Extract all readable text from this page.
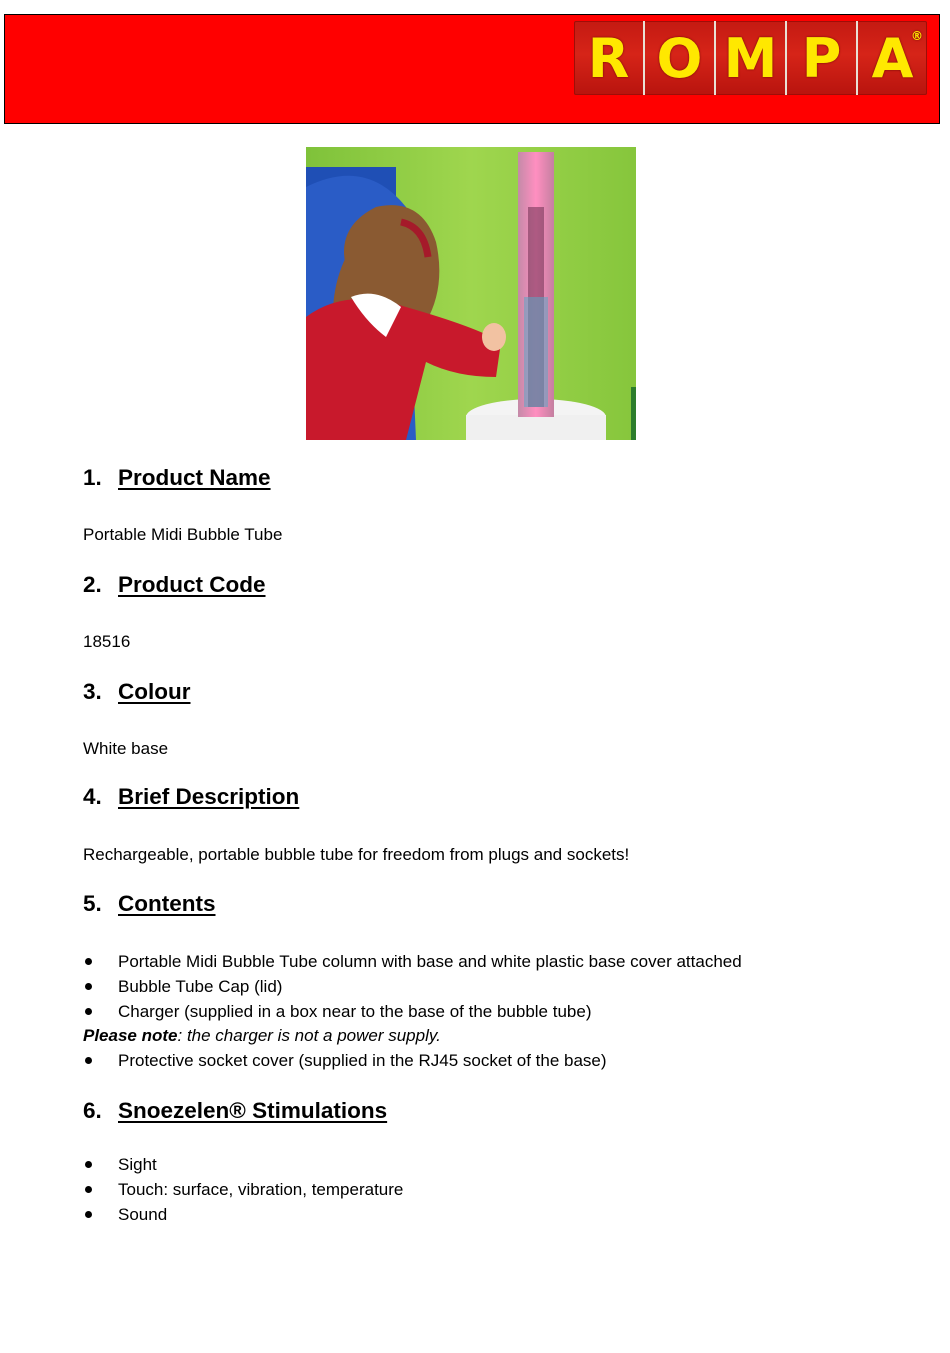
R O M P A
®
1. Product Name
Portable Midi Bubble Tube
2. Product Code
18516
3. Colour
White base
4. Brief Description
Rechargeable, portable bubble tube for freedom from plugs and sockets!
5. Contents
Portable Midi Bubble Tube column with base and white plastic base cover attached
Bubble Tube Cap (lid)
Charger (supplied in a box near to the base of the bubble tube)
Please note: the charger is not a power supply.
Protective socket cover (supplied in the RJ45 socket of the base)
6. Snoezelen® Stimulations
Sight
Touch: surface, vibration, temperature
Sound
